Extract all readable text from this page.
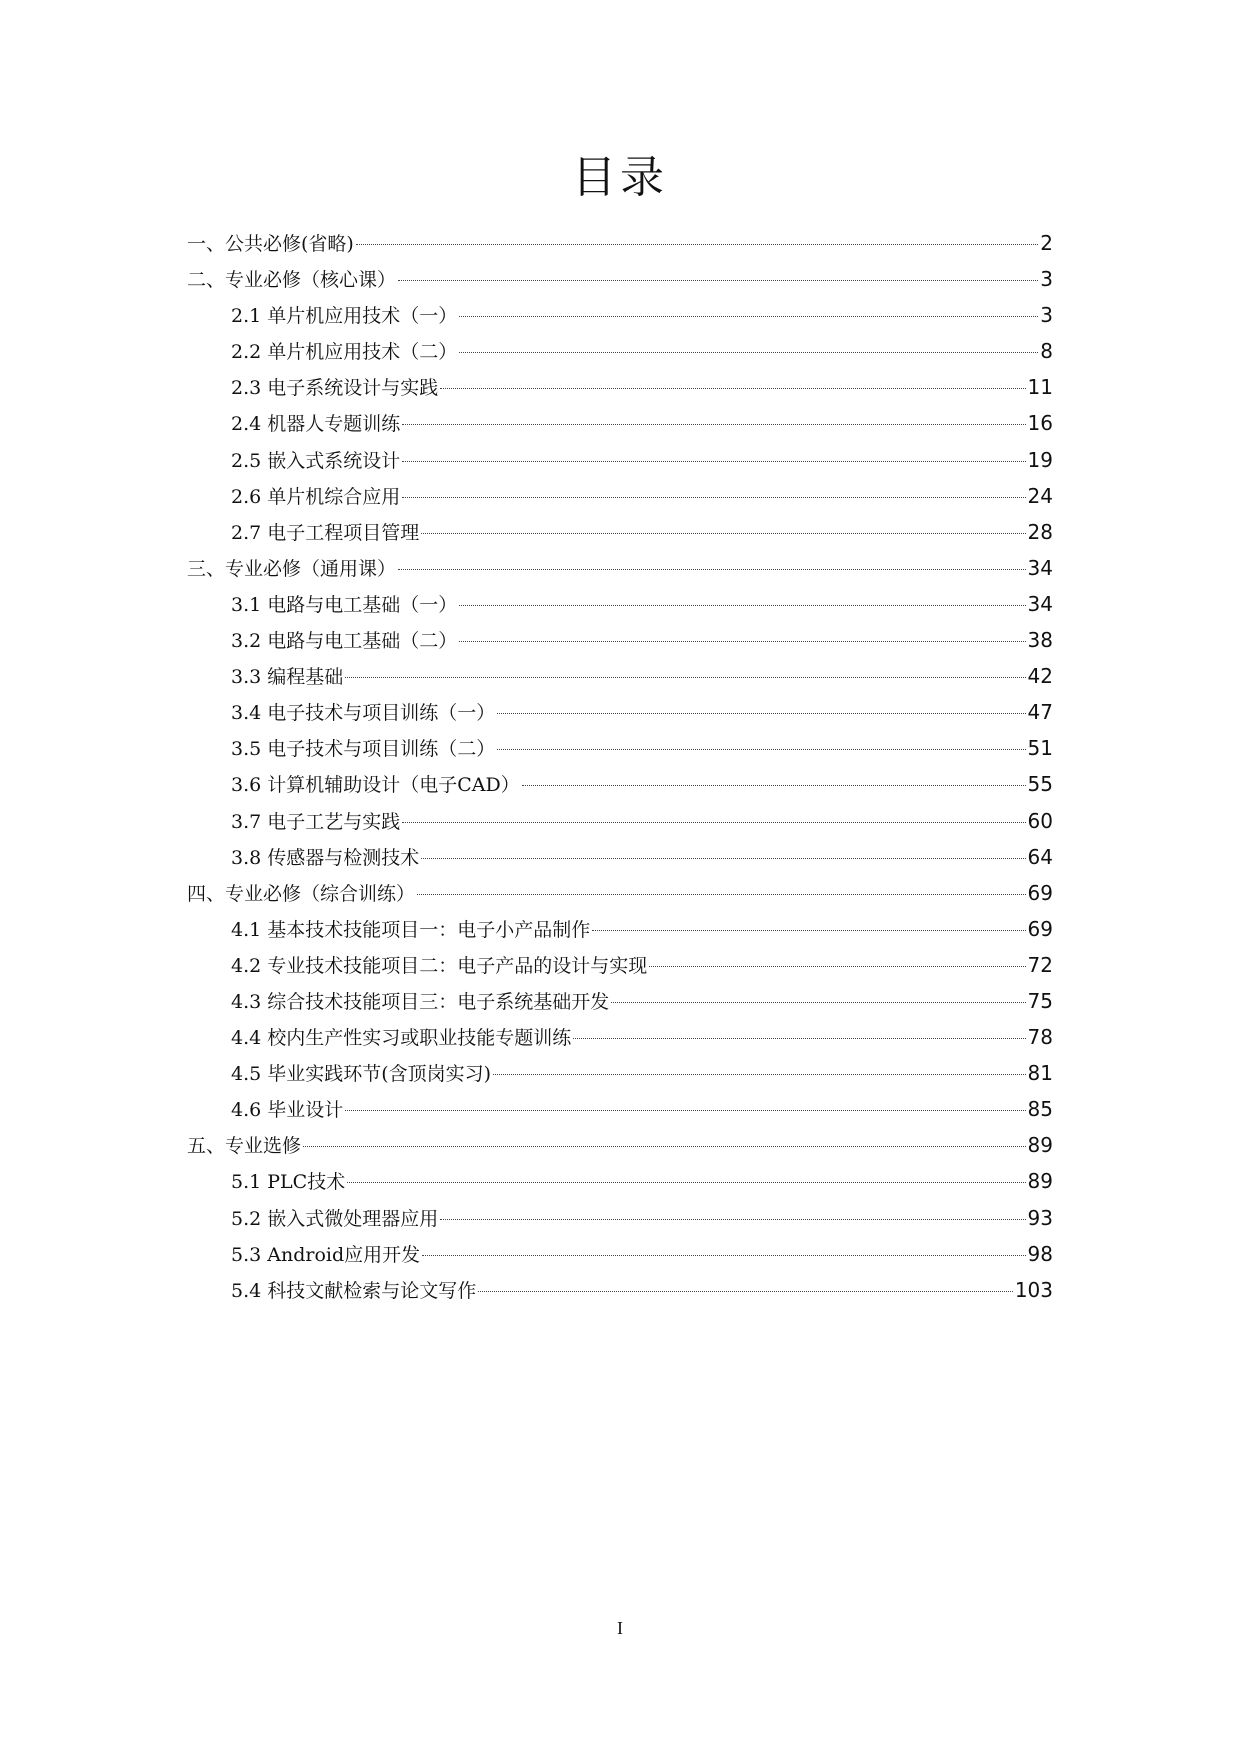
目录
一、公共必修(省略)	2
二、专业必修（核心课）	3
2.1 单片机应用技术（一）	3
2.2 单片机应用技术（二）	8
2.3 电子系统设计与实践	11
2.4 机器人专题训练	16
2.5 嵌入式系统设计	19
2.6 单片机综合应用	24
2.7 电子工程项目管理	28
三、专业必修（通用课）	34
3.1 电路与电工基础（一）	34
3.2 电路与电工基础（二）	38
3.3 编程基础	42
3.4 电子技术与项目训练（一）	47
3.5 电子技术与项目训练（二）	51
3.6 计算机辅助设计（电子CAD）	55
3.7 电子工艺与实践	60
3.8 传感器与检测技术	64
四、专业必修（综合训练）	69
4.1 基本技术技能项目一：电子小产品制作	69
4.2 专业技术技能项目二：电子产品的设计与实现	72
4.3 综合技术技能项目三：电子系统基础开发	75
4.4 校内生产性实习或职业技能专题训练	78
4.5 毕业实践环节(含顶岗实习)	81
4.6 毕业设计	85
五、专业选修	89
5.1 PLC技术	89
5.2 嵌入式微处理器应用	93
5.3 Android应用开发	98
5.4 科技文献检索与论文写作	103
I
